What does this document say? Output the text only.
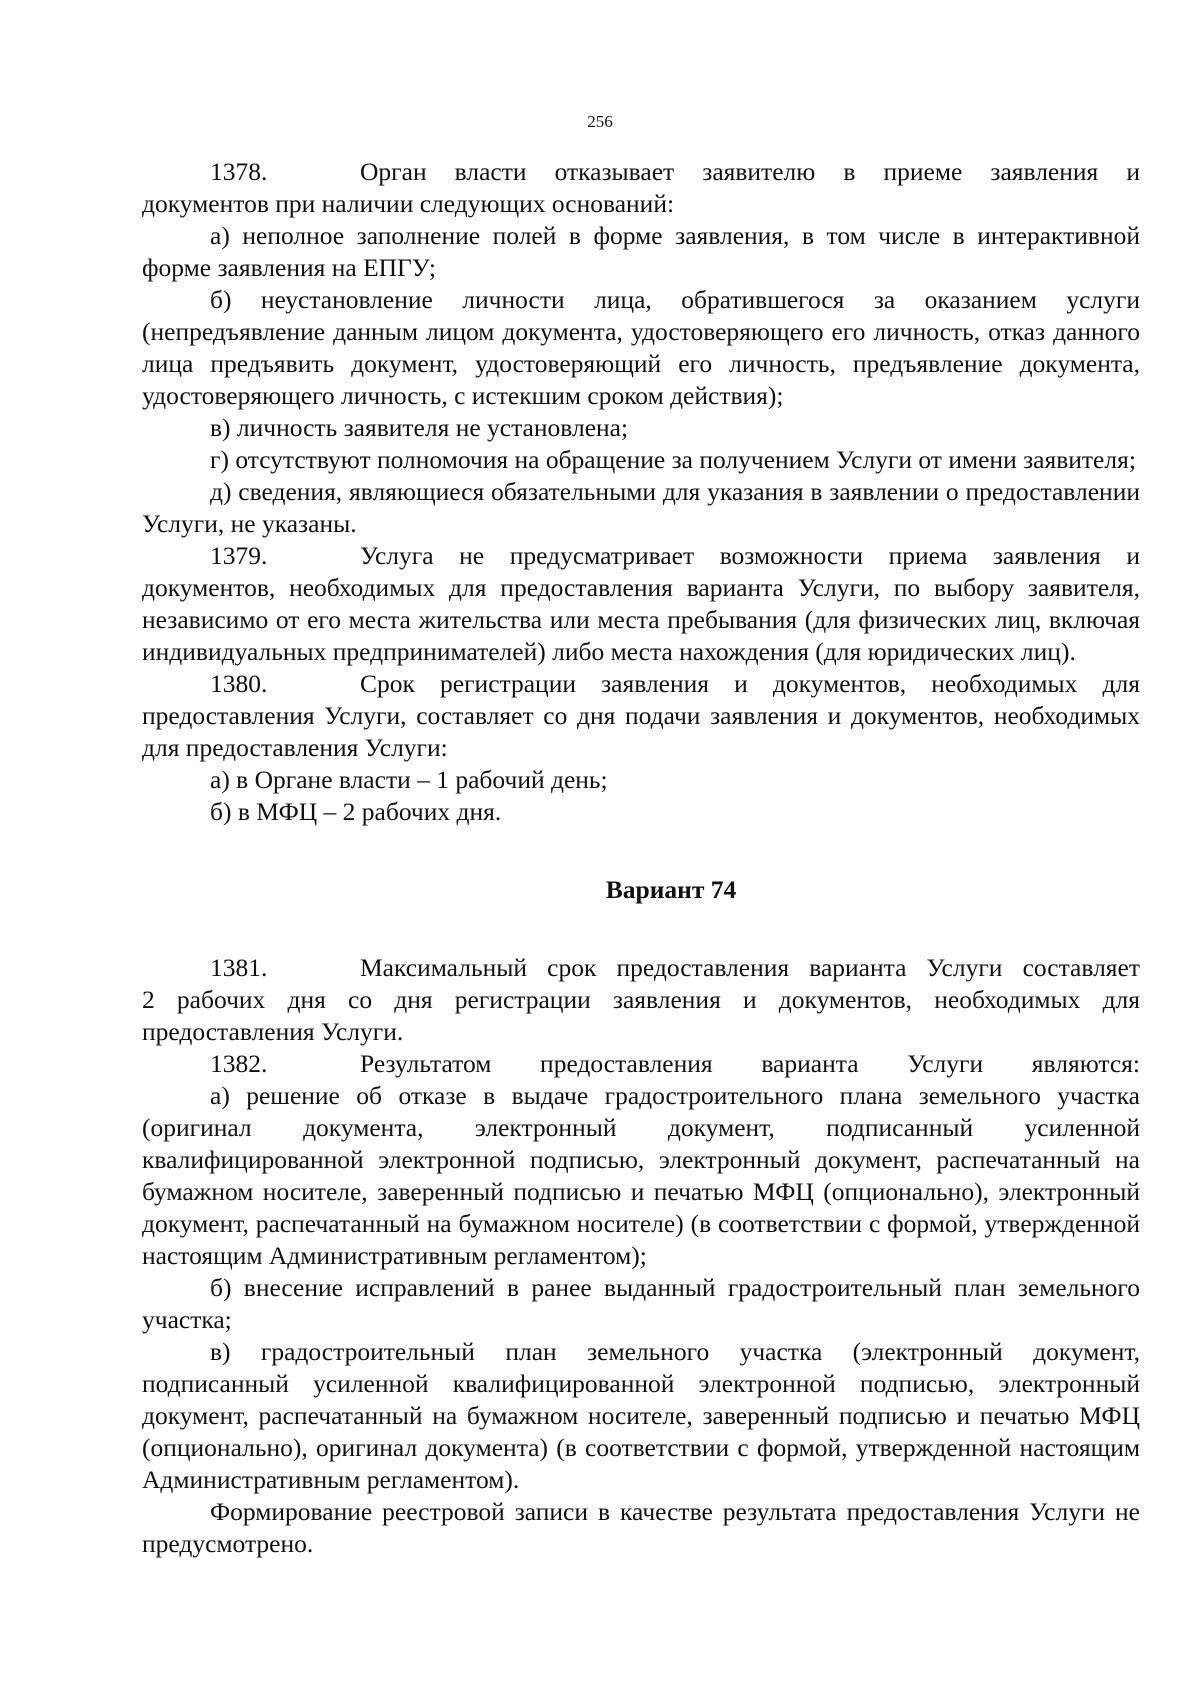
256
1378.	Орган власти отказывает заявителю в приеме заявления и

документов при наличии следующих оснований:

а) неполное заполнение полей в форме заявления, в том числе в интерактивной форме заявления на ЕПГУ;

б) неустановление личности лица, обратившегося за оказанием услуги (непредъявление данным лицом документа, удостоверяющего его личность, отказ данного лица предъявить документ, удостоверяющий его личность, предъявление документа, удостоверяющего личность, с истекшим сроком действия);

в) личность заявителя не установлена;

г) отсутствуют полномочия на обращение за получением Услуги от имени заявителя;

д) сведения, являющиеся обязательными для указания в заявлении о предоставлении Услуги, не указаны.

1379.	Услуга не предусматривает возможности приема заявления и

документов, необходимых для предоставления варианта Услуги, по выбору заявителя, независимо от его места жительства или места пребывания (для физических лиц, включая индивидуальных предпринимателей) либо места нахождения (для юридических лиц).

1380.	Срок регистрации заявления и документов, необходимых для

предоставления Услуги, составляет со дня подачи заявления и документов, необходимых для предоставления Услуги:

а) в Органе власти – 1 рабочий день;

б) в МФЦ – 2 рабочих дня.

Вариант 74

1381.	Максимальный срок предоставления варианта Услуги составляет

2 рабочих дня со дня регистрации заявления и документов, необходимых для предоставления Услуги.

1382.	Результатом предоставления варианта Услуги являются:

а) решение об отказе в выдаче градостроительного плана земельного участка (оригинал документа, электронный документ, подписанный усиленной квалифицированной электронной подписью, электронный документ, распечатанный на бумажном носителе, заверенный подписью и печатью МФЦ (опционально), электронный документ, распечатанный на бумажном носителе) (в соответствии с формой, утвержденной настоящим Административным регламентом);

б) внесение исправлений в ранее выданный градостроительный план земельного участка;

в) градостроительный план земельного участка (электронный документ, подписанный усиленной квалифицированной электронной подписью, электронный документ, распечатанный на бумажном носителе, заверенный подписью и печатью МФЦ (опционально), оригинал документа) (в соответствии с формой, утвержденной настоящим Административным регламентом).

Формирование реестровой записи в качестве результата предоставления Услуги не предусмотрено.
